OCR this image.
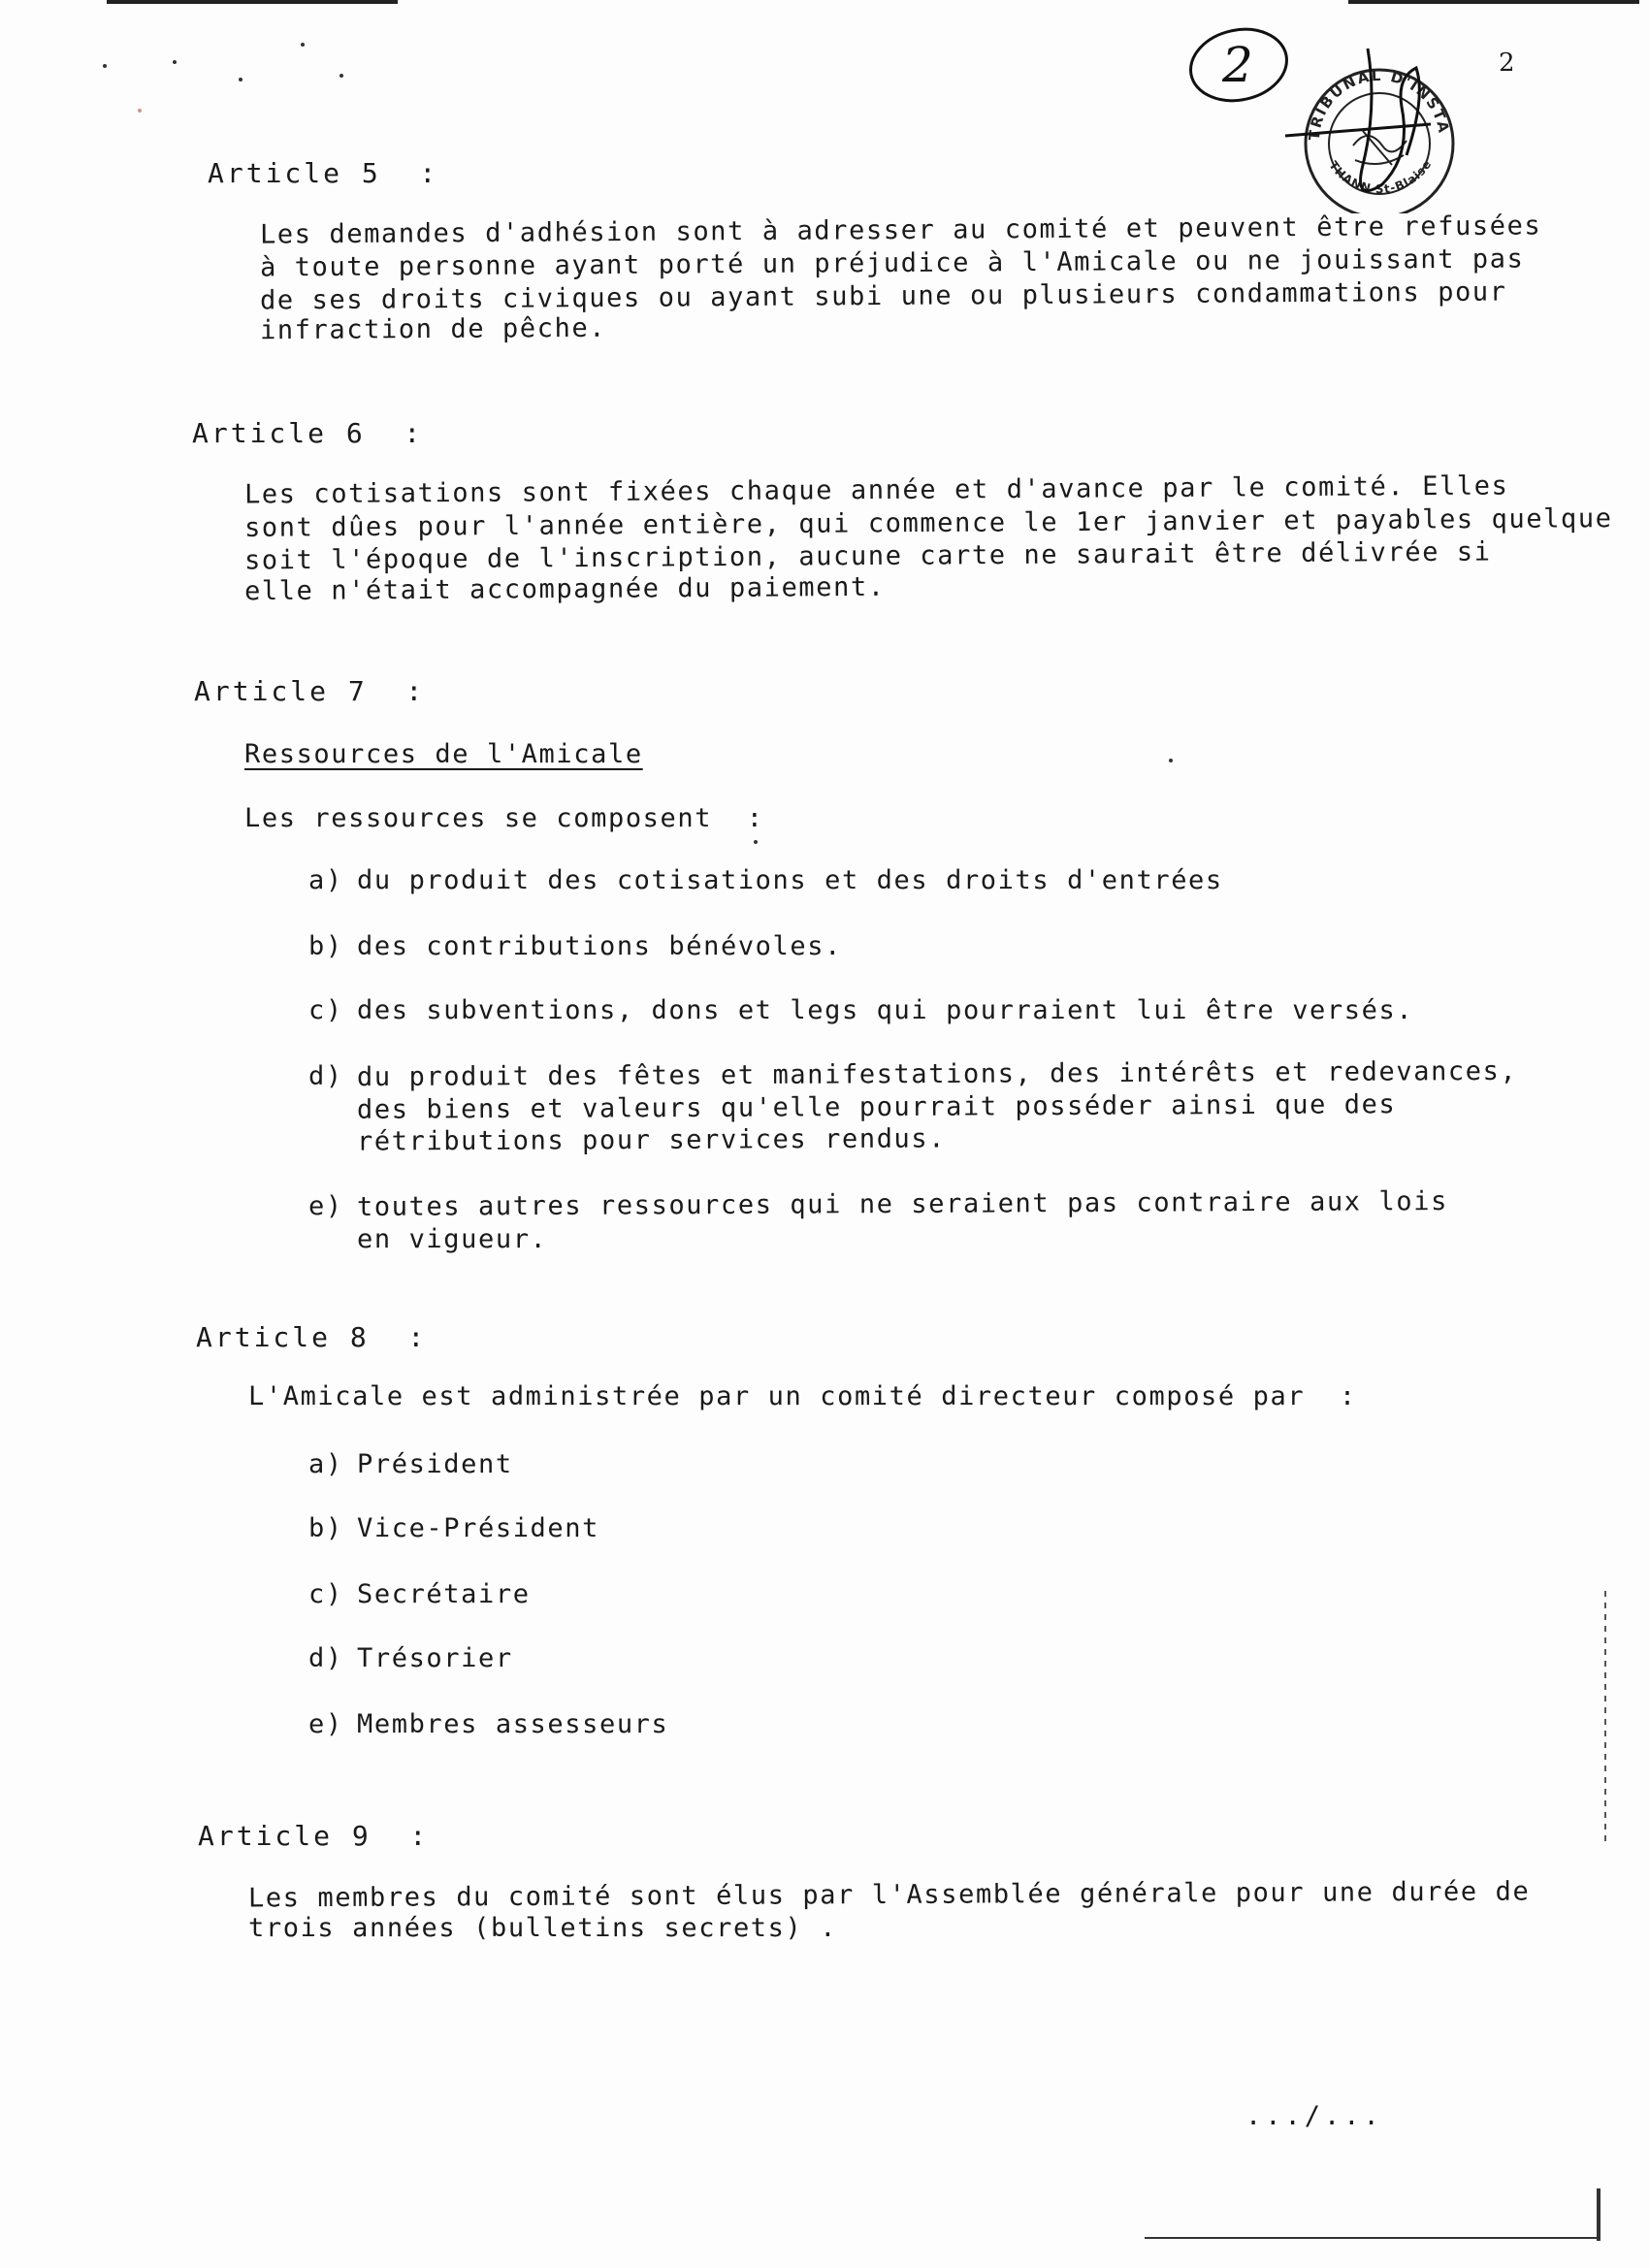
2
2
TRIBUNAL D'INSTA
THANN St-Blaise
Article 5  :
Les demandes d'adhésion sont à adresser au comité et peuvent être refusées
à toute personne ayant porté un préjudice à l'Amicale ou ne jouissant pas
de ses droits civiques ou ayant subi une ou plusieurs condammations pour
infraction de pêche.
Article 6  :
Les cotisations sont fixées chaque année et d'avance par le comité. Elles
sont dûes pour l'année entière, qui commence le 1er janvier et payables quelque
soit l'époque de l'inscription, aucune carte ne saurait être délivrée si
elle n'était accompagnée du paiement.
Article 7  :
Ressources de l'Amicale
Les ressources se composent  :
a) du produit des cotisations et des droits d'entrées
b) des contributions bénévoles.
c) des subventions, dons et legs qui pourraient lui être versés.
d) du produit des fêtes et manifestations, des intérêts et redevances,
des biens et valeurs qu'elle pourrait posséder ainsi que des
rétributions pour services rendus.
e) toutes autres ressources qui ne seraient pas contraire aux lois
en vigueur.
Article 8  :
L'Amicale est administrée par un comité directeur composé par  :
a) Président
b) Vice-Président
c) Secrétaire
d) Trésorier
e) Membres assesseurs
Article 9  :
Les membres du comité sont élus par l'Assemblée générale pour une durée de
trois années (bulletins secrets) .
.../...
